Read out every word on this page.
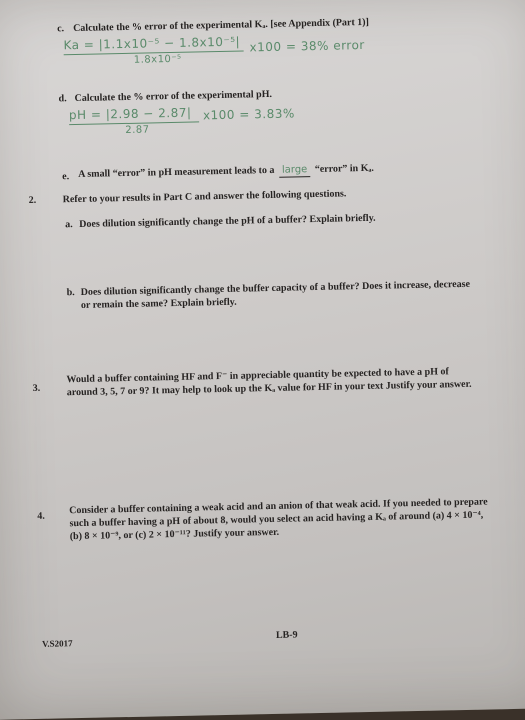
c. Calculate the % error of the experimental Kₐ. [see Appendix (Part 1)]
Ka = |1.1x10⁻⁵ − 1.8x10⁻⁵|
1.8x10⁻⁵
x100 = 38% error
d. Calculate the % error of the experimental pH.
pH = |2.98 − 2.87|
2.87
x100 = 3.83%
e. A small “error” in pH measurement leads to a large “error” in Kₐ.
2.	Refer to your results in Part C and answer the following questions.
a. Does dilution significantly change the pH of a buffer? Explain briefly.
b. Does dilution significantly change the buffer capacity of a buffer? Does it increase, decrease or remain the same? Explain briefly.
3.
Would a buffer containing HF and F⁻ in appreciable quantity be expected to have a pH of around 3, 5, 7 or 9? It may help to look up the Kₐ value for HF in your text Justify your answer.
4.
Consider a buffer containing a weak acid and an anion of that weak acid. If you needed to prepare such a buffer having a pH of about 8, would you select an acid having a Kₐ of around (a) 4 × 10⁻⁴, (b) 8 × 10⁻⁹, or (c) 2 × 10⁻¹¹? Justify your answer.
V.S2017
LB-9
